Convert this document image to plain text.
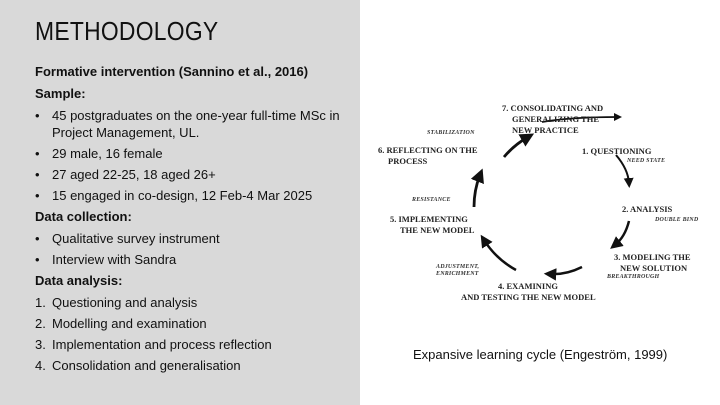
METHODOLOGY
Formative intervention (Sannino et al., 2016)
Sample:
• 45 postgraduates on the one-year full-time MSc in Project Management, UL.
• 29 male, 16 female
• 27 aged 22-25, 18 aged 26+
• 15 engaged in co-design, 12 Feb-4 Mar 2025
Data collection:
• Qualitative survey instrument
• Interview with Sandra
Data analysis:
1. Questioning and analysis
2. Modelling and examination
3. Implementation and process reflection
4. Consolidation and generalisation
7. CONSOLIDATING AND
GENERALIZING THE
NEW PRACTICE
1. QUESTIONING
NEED STATE
2. ANALYSIS
DOUBLE BIND
3. MODELING THE
NEW SOLUTION
BREAKTHROUGH
4. EXAMINING
AND TESTING THE NEW MODEL
ADJUSTMENT,
ENRICHMENT
5. IMPLEMENTING
THE NEW MODEL
RESISTANCE
6. REFLECTING ON THE
PROCESS
STABILIZATION
Expansive learning cycle (Engeström, 1999)
